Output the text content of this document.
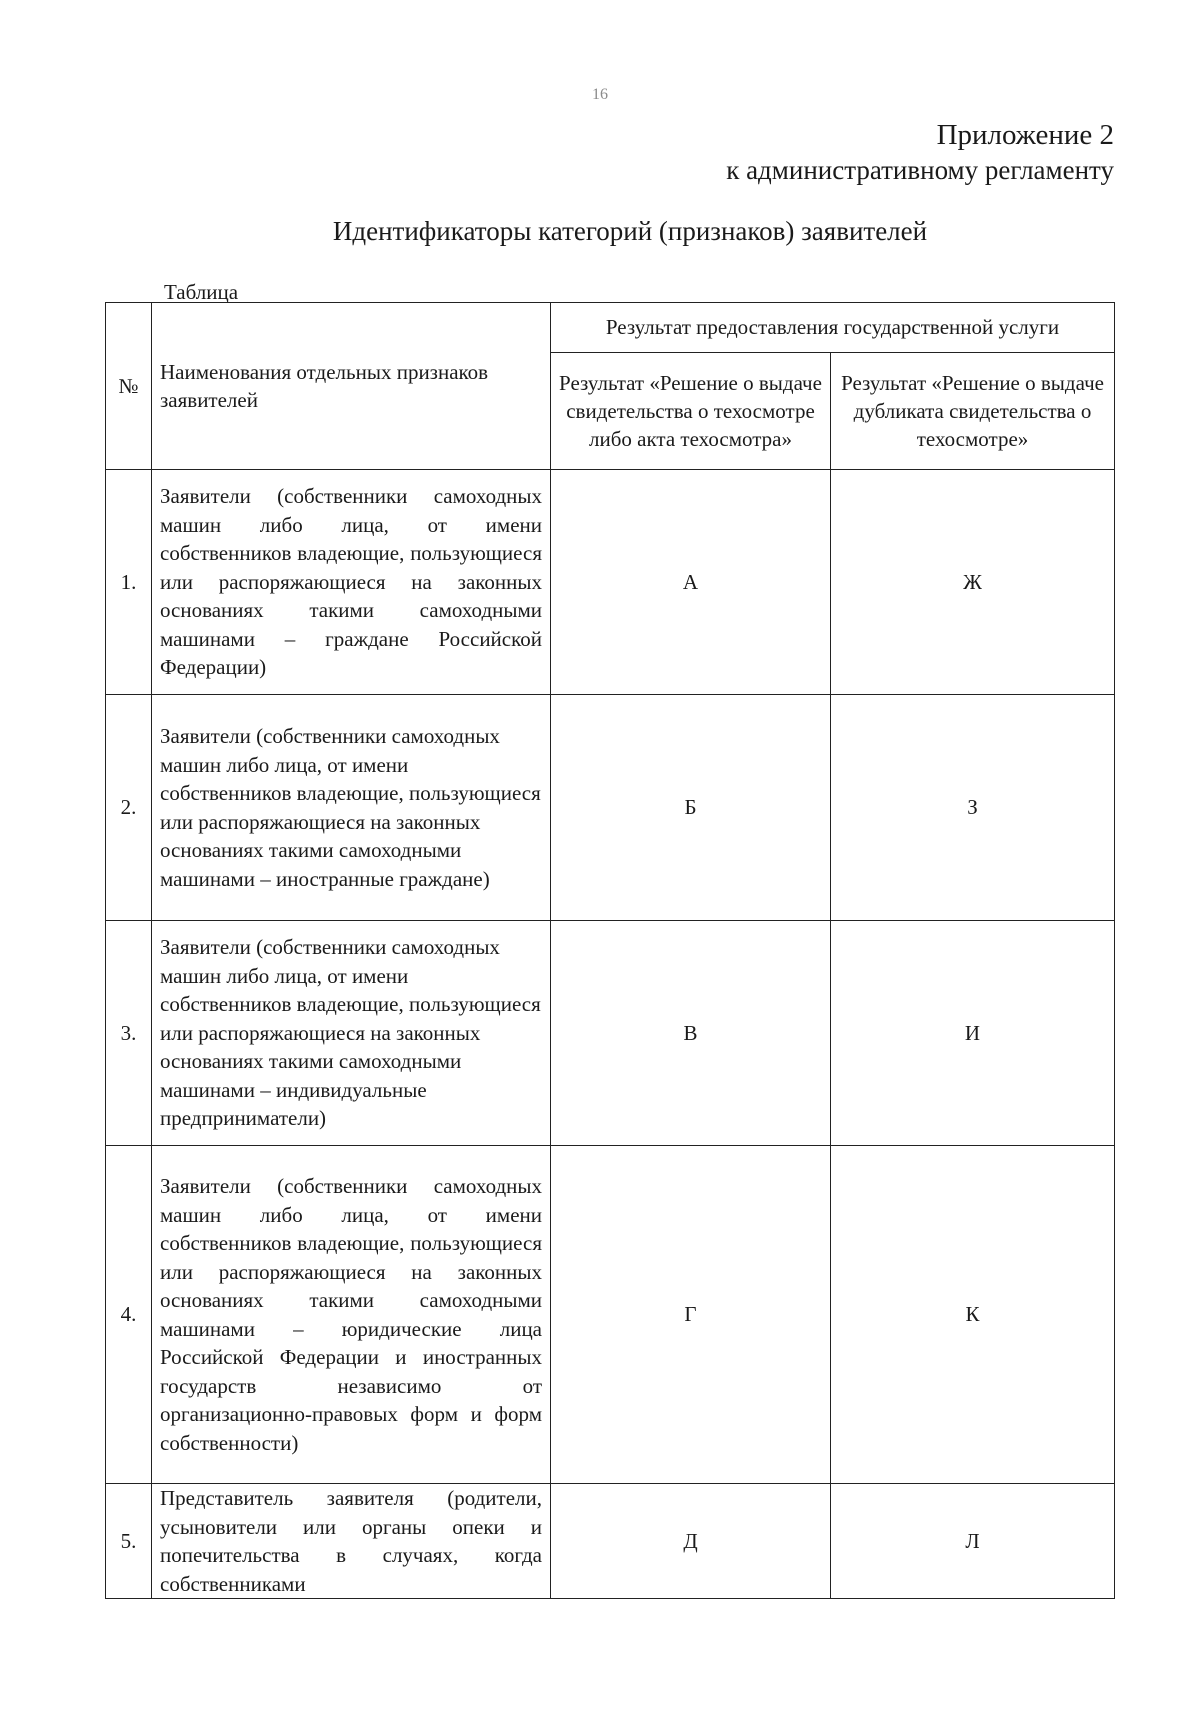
16
Приложение 2
к административному регламенту
Идентификаторы категорий (признаков) заявителей
Таблица
№	Наименования отдельных признаков заявителей	Результат предоставления государственной услуги	
		Результат «Решение о выдаче свидетельства о техосмотре либо акта техосмотра»	Результат «Решение о выдаче дубликата свидетельства о техосмотре»
1.	Заявители (собственники самоходных машин либо лица, от имени собственников владеющие, пользующиеся или распоряжающиеся на законных основаниях такими самоходными машинами – граждане Российской Федерации)	А	Ж
2.	Заявители (собственники самоходных машин либо лица, от имени собственников владеющие, пользующиеся или распоряжающиеся на законных основаниях такими самоходными машинами – иностранные граждане)	Б	З
3.	Заявители (собственники самоходных машин либо лица, от имени собственников владеющие, пользующиеся или распоряжающиеся на законных основаниях такими самоходными машинами – индивидуальные предприниматели)	В	И
4.	Заявители (собственники самоходных машин либо лица, от имени собственников владеющие, пользующиеся или распоряжающиеся на законных основаниях такими самоходными машинами – юридические лица Российской Федерации и иностранных государств независимо от организационно-правовых форм и форм собственности)	Г	К
5.	Представитель заявителя (родители, усыновители или органы опеки и попечительства в случаях, когда собственниками	Д	Л
